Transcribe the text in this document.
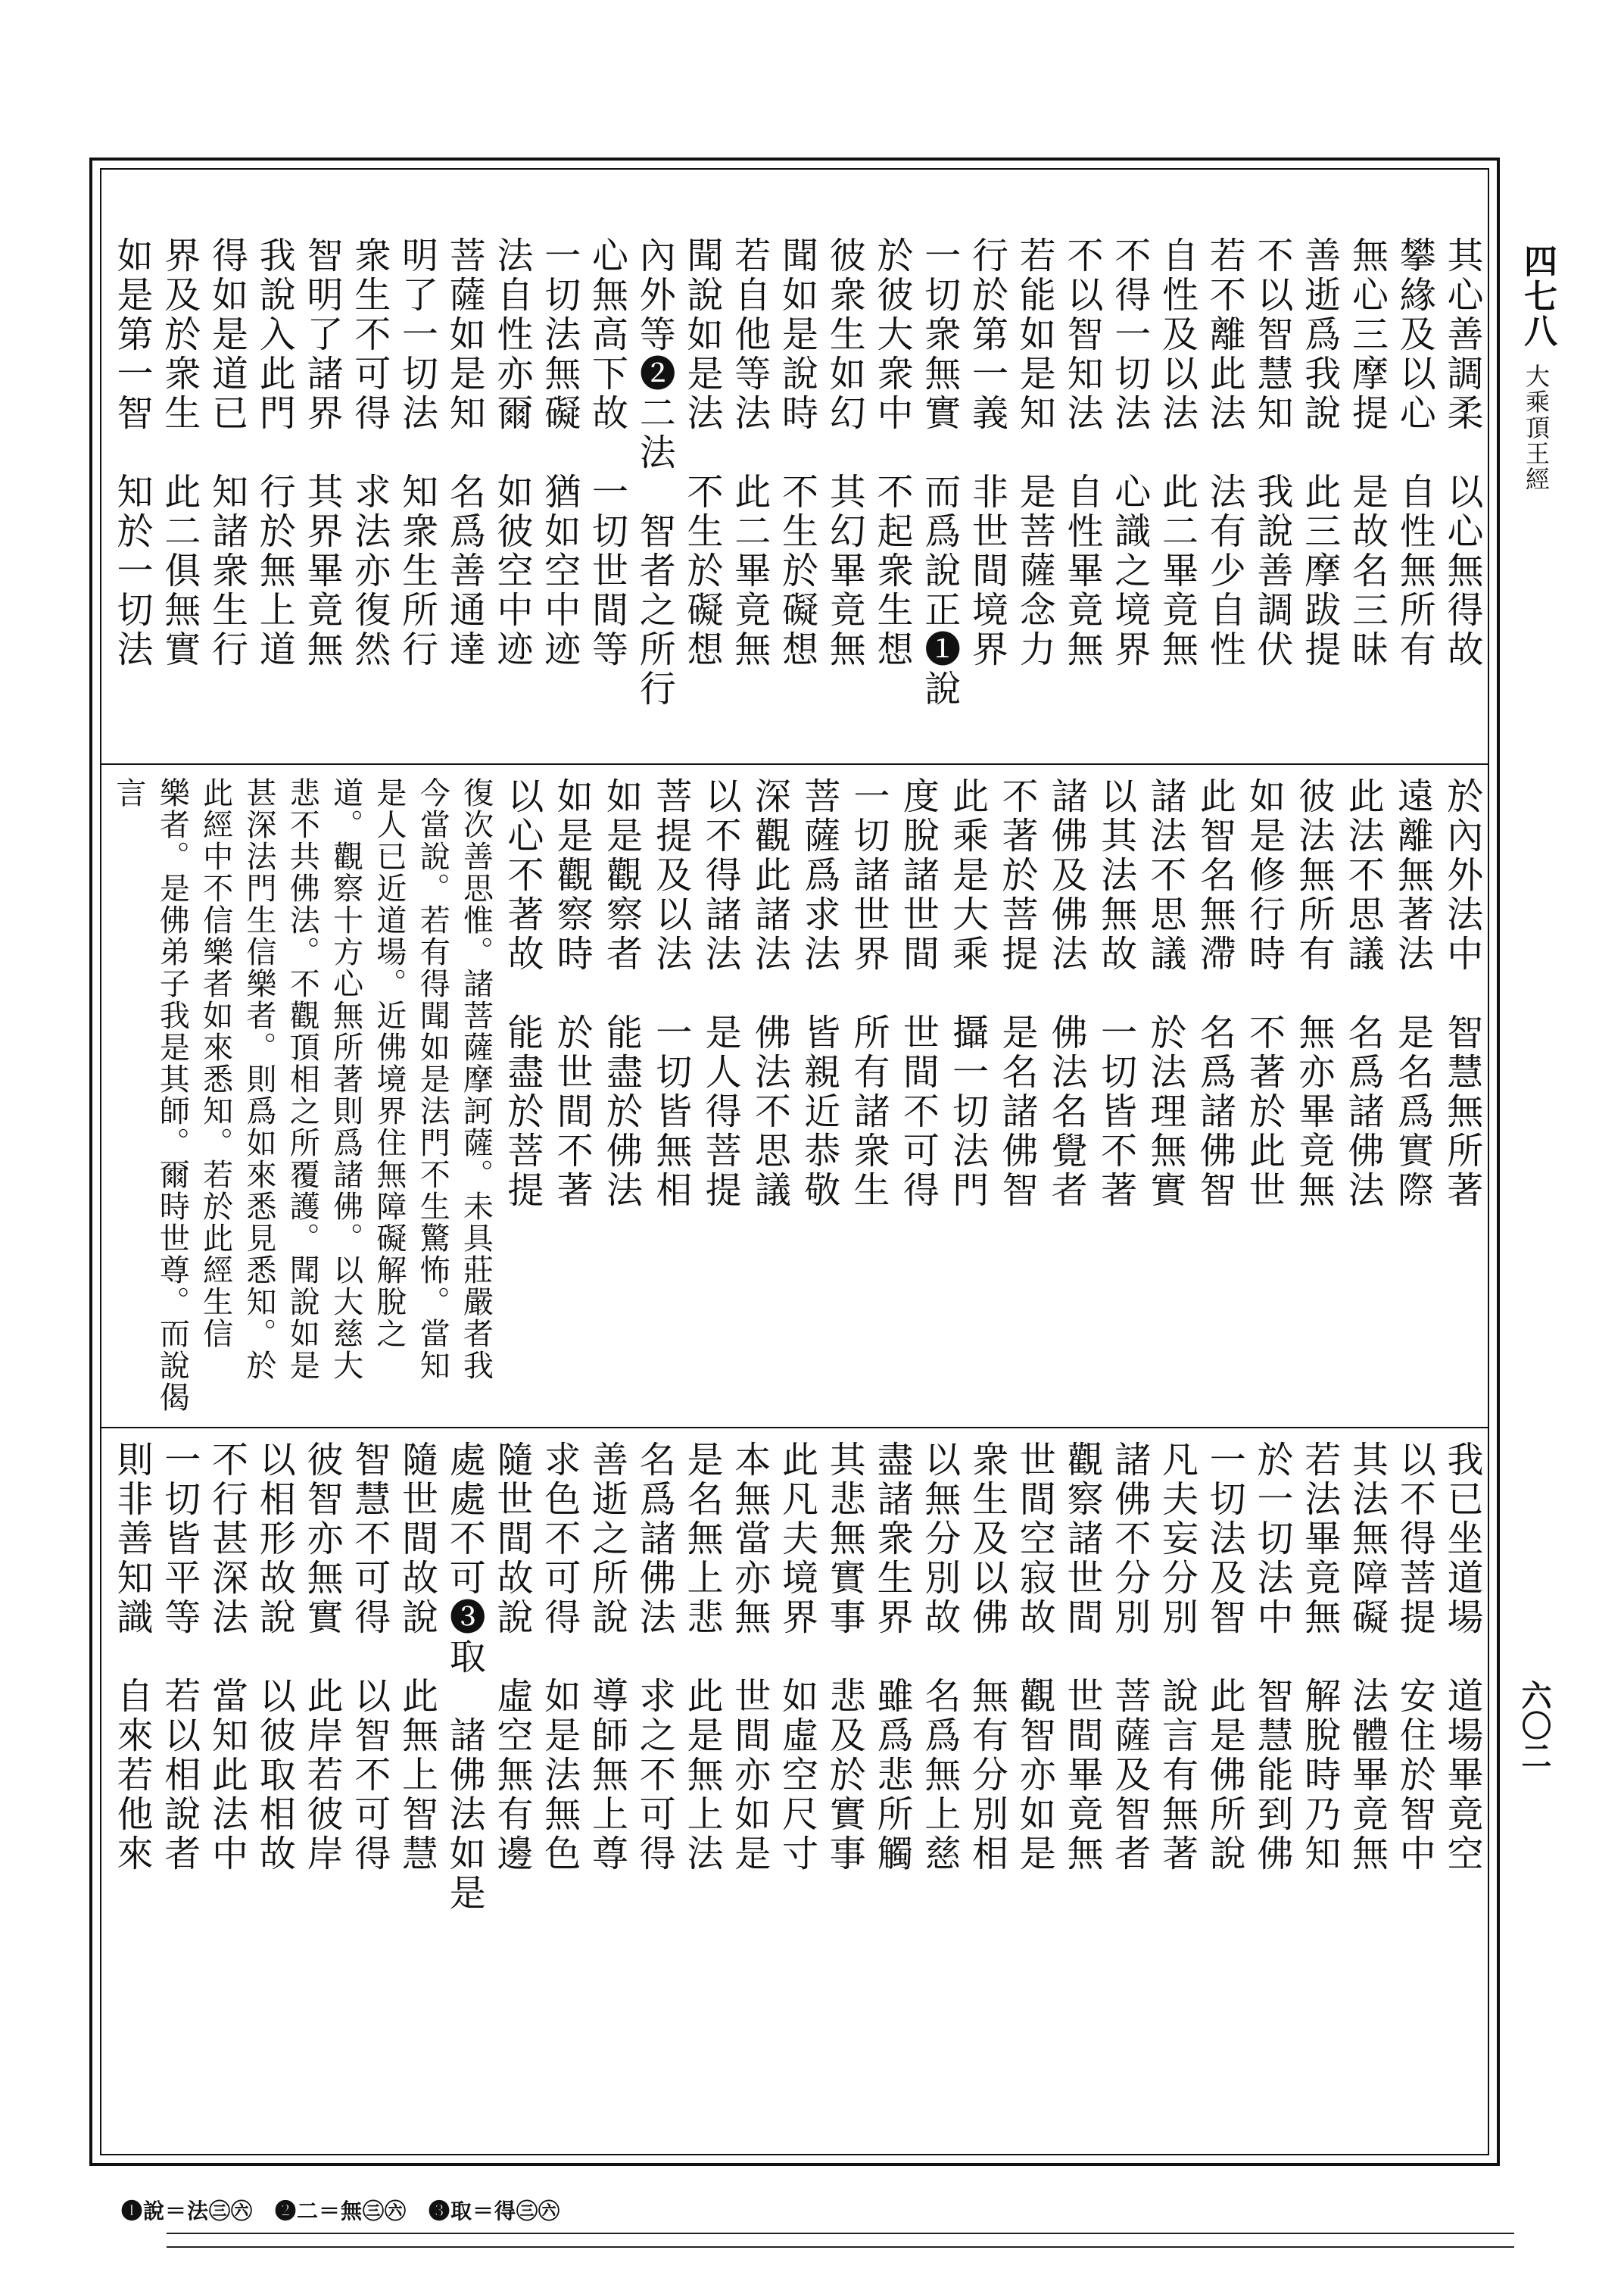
四七八
大乘頂王經
六〇二
其心善調柔　以心無得故
攀緣及以心　自性無所有
無心三摩提　是故名三昧
善逝爲我說　此三摩跋提
不以智慧知　我說善調伏
若不離此法　法有少自性
自性及以法　此二畢竟無
不得一切法　心識之境界
不以智知法　自性畢竟無
若能如是知　是菩薩念力
行於第一義　非世間境界
一切衆無實　而爲說正❶說
於彼大衆中　不起衆生想
彼衆生如幻　其幻畢竟無
聞如是說時　不生於礙想
若自他等法　此二畢竟無
聞說如是法　不生於礙想
內外等❷二法　智者之所行
心無高下故　一切世間等
一切法無礙　猶如空中迹
法自性亦爾　如彼空中迹
菩薩如是知　名爲善通達
明了一切法　知衆生所行
衆生不可得　求法亦復然
智明了諸界　其界畢竟無
我說入此門　行於無上道
得如是道已　知諸衆生行
界及於衆生　此二俱無實
如是第一智　知於一切法
於內外法中　智慧無所著
遠離無著法　是名爲實際
此法不思議　名爲諸佛法
彼法無所有　無亦畢竟無
如是修行時　不著於此世
此智名無滯　名爲諸佛智
諸法不思議　於法理無實
以其法無故　一切皆不著
諸佛及佛法　佛法名覺者
不著於菩提　是名諸佛智
此乘是大乘　攝一切法門
度脫諸世間　世間不可得
一切諸世界　所有諸衆生
菩薩爲求法　皆親近恭敬
深觀此諸法　佛法不思議
以不得諸法　是人得菩提
菩提及以法　一切皆無相
如是觀察者　能盡於佛法
如是觀察時　於世間不著
以心不著故　能盡於菩提
復次善思惟。諸菩薩摩訶薩。未具莊嚴者我
今當說。若有得聞如是法門不生驚怖。當知
是人已近道場。近佛境界住無障礙解脫之
道。觀察十方心無所著則爲諸佛。以大慈大
悲不共佛法。不觀頂相之所覆護。聞說如是
甚深法門生信樂者。則爲如來悉見悉知。於
此經中不信樂者如來悉知。若於此經生信
樂者。是佛弟子我是其師。爾時世尊。而說偈
言
我已坐道場　道場畢竟空
以不得菩提　安住於智中
其法無障礙　法體畢竟無
若法畢竟無　解脫時乃知
於一切法中　智慧能到佛
一切法及智　此是佛所說
凡夫妄分別　說言有無著
諸佛不分別　菩薩及智者
觀察諸世間　世間畢竟無
世間空寂故　觀智亦如是
衆生及以佛　無有分別相
以無分別故　名爲無上慈
盡諸衆生界　雖爲悲所觸
其悲無實事　悲及於實事
此凡夫境界　如虛空尺寸
本無當亦無　世間亦如是
是名無上悲　此是無上法
名爲諸佛法　求之不可得
善逝之所說　導師無上尊
求色不可得　如是法無色
隨世間故說　虛空無有邊
處處不可❸取　諸佛法如是
隨世間故說　此無上智慧
智慧不可得　以智不可得
彼智亦無實　此岸若彼岸
以相形故說　以彼取相故
不行甚深法　當知此法中
一切皆平等　若以相說者
則非善知識　自來若他來
❶說＝法㊂㊅　❷二＝無㊂㊅　❸取＝得㊂㊅
